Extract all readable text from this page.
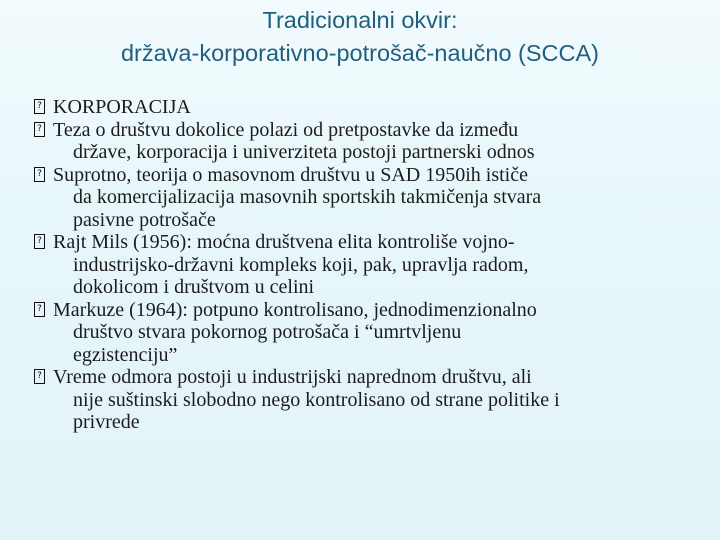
Tradicionalni okvir:
država-korporativno-potrošač-naučno (SCCA)
? KORPORACIJA
? Teza o društvu dokolice polazi od pretpostavke da između
države, korporacija i univerziteta postoji partnerski odnos
? Suprotno, teorija o masovnom društvu u SAD 1950ih ističe
da komercijalizacija masovnih sportskih takmičenja stvara
pasivne potrošače
? Rajt Mils (1956): moćna društvena elita kontroliše vojno-
industrijsko-državni kompleks koji, pak, upravlja radom,
dokolicom i društvom u celini
? Markuze (1964): potpuno kontrolisano, jednodimenzionalno
društvo stvara pokornog potrošača i “umrtvljenu
egzistenciju”
? Vreme odmora postoji u industrijski naprednom društvu, ali
nije suštinski slobodno nego kontrolisano od strane politike i
privrede
